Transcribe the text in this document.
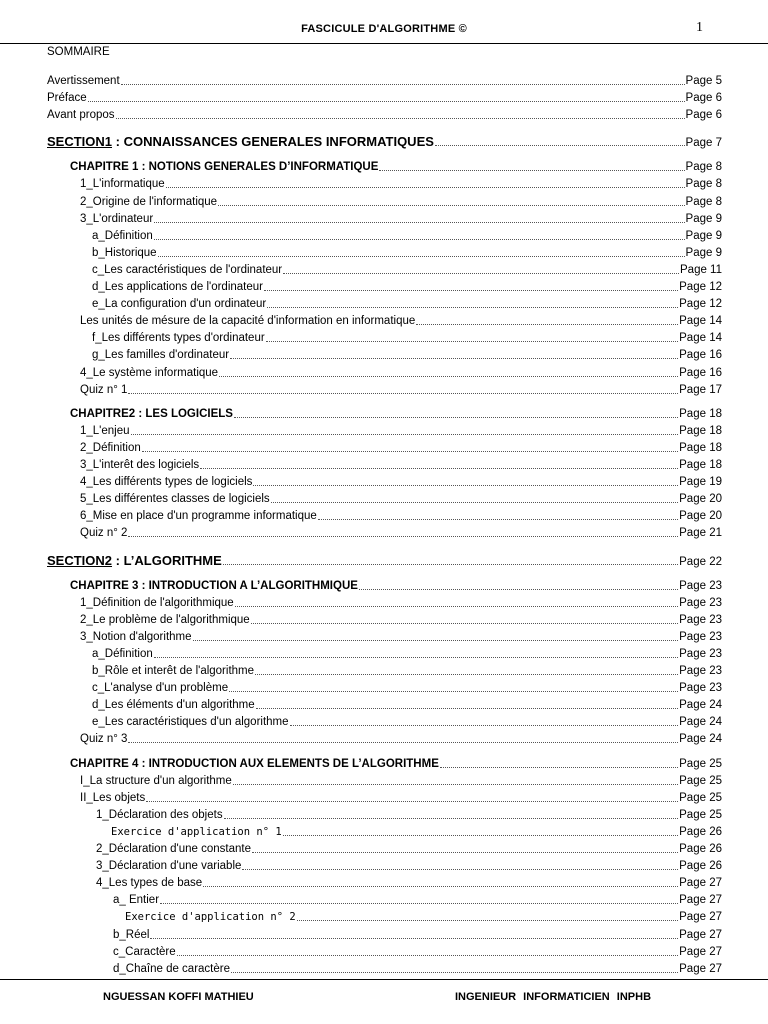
FASCICULE D'ALGORITHME ©	1
SOMMAIRE
Avertissement	Page 5
Préface	Page 6
Avant propos	Page 6
SECTION1 : CONNAISSANCES GENERALES INFORMATIQUES	Page 7
CHAPITRE 1 : NOTIONS GENERALES D’INFORMATIQUE	Page 8
1_L'informatique	Page 8
2_Origine de l'informatique	Page 8
3_L'ordinateur	Page 9
a_Définition	Page 9
b_Historique	Page 9
c_Les caractéristiques de l'ordinateur	Page 11
d_Les applications de l'ordinateur	Page 12
e_La configuration d'un ordinateur	Page 12
Les unités de mésure de la capacité d'information en informatique	Page 14
f_Les différents types d'ordinateur	Page 14
g_Les familles d'ordinateur	Page 16
4_Le système informatique	Page 16
Quiz n° 1	Page 17
CHAPITRE2 : LES LOGICIELS	Page 18
1_L'enjeu	Page 18
2_Définition	Page 18
3_L'interêt des logiciels	Page 18
4_Les différents types de logiciels	Page 19
5_Les différentes classes de logiciels	Page 20
6_Mise en place d'un programme informatique	Page 20
Quiz n° 2	Page 21
SECTION2 : L’ALGORITHME	Page 22
CHAPITRE 3 : INTRODUCTION A L’ALGORITHMIQUE	Page 23
1_Définition de l'algorithmique	Page 23
2_Le problème de l'algorithmique	Page 23
3_Notion d'algorithme	Page 23
a_Définition	Page 23
b_Rôle et interêt de l'algorithme	Page 23
c_L'analyse d'un problème	Page 23
d_Les éléments d'un algorithme	Page 24
e_Les caractéristiques d'un algorithme	Page 24
Quiz n° 3	Page 24
CHAPITRE 4 : INTRODUCTION AUX ELEMENTS DE L’ALGORITHME	Page 25
I_La structure d'un algorithme	Page 25
II_Les objets	Page 25
1_Déclaration des objets	Page 25
Exercice d'application n° 1	Page 26
2_Déclaration d'une constante	Page 26
3_Déclaration d'une variable	Page 26
4_Les types de base	Page 27
a_ Entier	Page 27
Exercice d'application n° 2	Page 27
b_Réel	Page 27
c_Caractère	Page 27
d_Chaîne de caractère	Page 27
NGUESSAN KOFFI MATHIEU	INGENIEUR INFORMATICIEN INPHB
